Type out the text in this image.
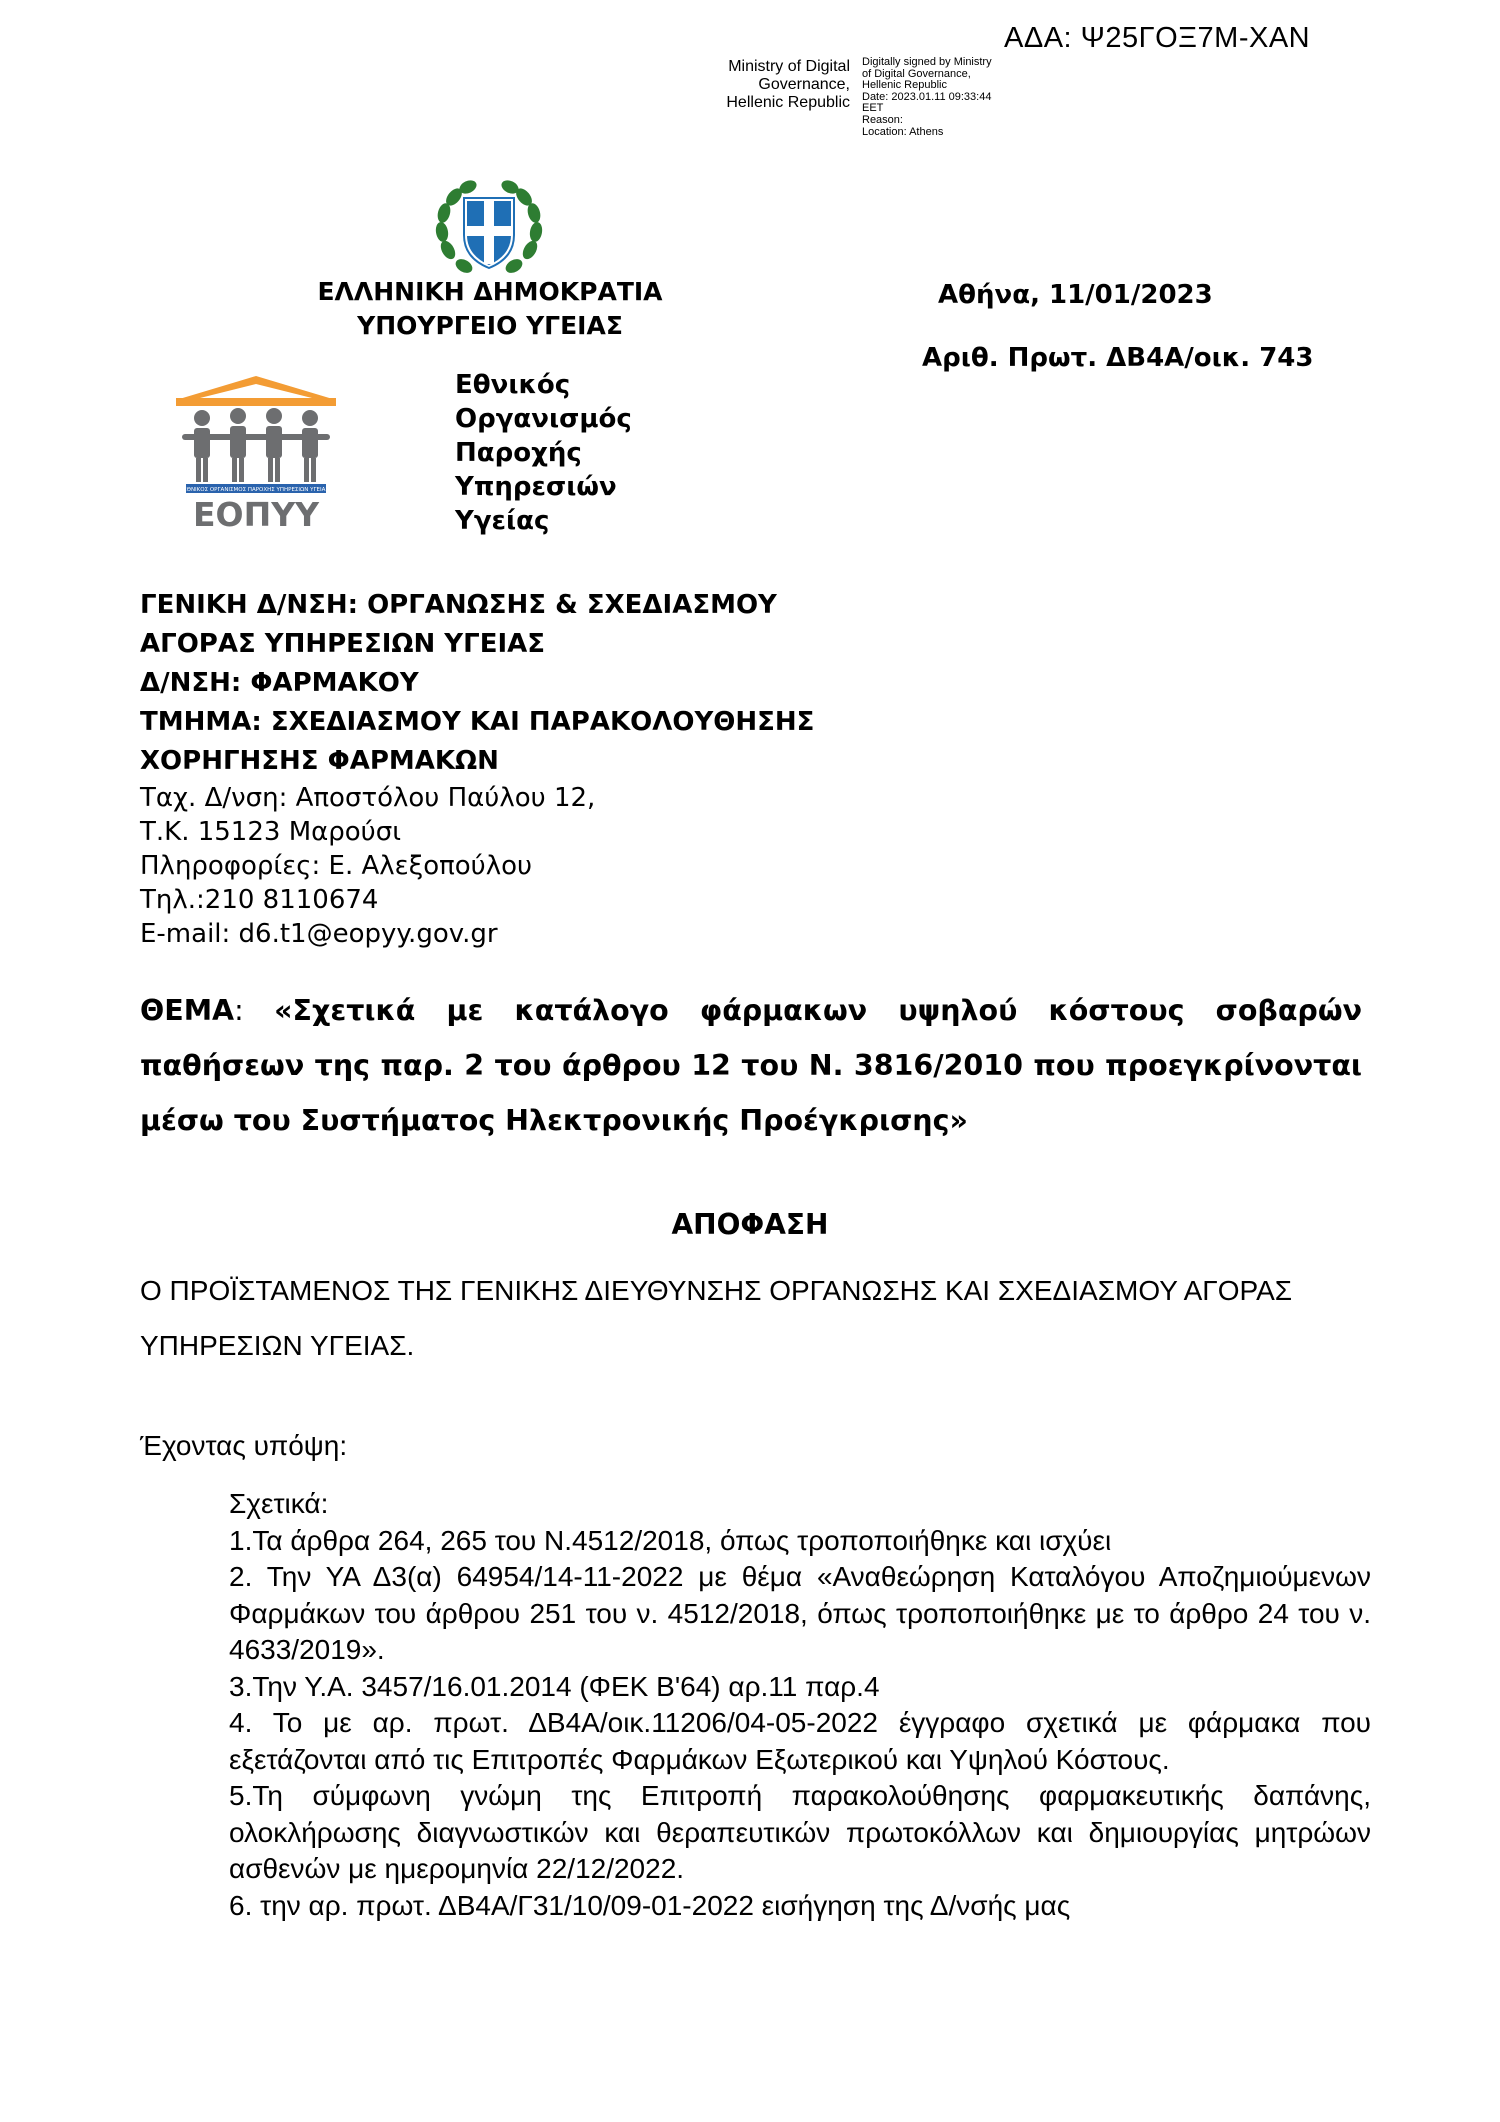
ΑΔΑ: Ψ25ΓΟΞ7Μ-ΧΑΝ
Ministry of Digital Governance, Hellenic Republic
Digitally signed by Ministry
of Digital Governance,
Hellenic Republic
Date: 2023.01.11 09:33:44
EET
Reason:
Location: Athens
ΕΛΛΗΝΙΚΗ ΔΗΜΟΚΡΑΤΙΑ
ΥΠΟΥΡΓΕΙΟ ΥΓΕΙΑΣ
Αθήνα, 11/01/2023
Αριθ. Πρωτ. ΔΒ4Α/οικ. 743
ΕΘΝΙΚΟΣ ΟΡΓΑΝΙΣΜΟΣ ΠΑΡΟΧΗΣ ΥΠΗΡΕΣΙΩΝ ΥΓΕΙΑΣ
ΕΟΠΥΥ
Εθνικός
Οργανισμός
Παροχής
Υπηρεσιών
Υγείας
ΓΕΝΙΚΗ Δ/ΝΣΗ: ΟΡΓΑΝΩΣΗΣ & ΣΧΕΔΙΑΣΜΟΥ
ΑΓΟΡΑΣ ΥΠΗΡΕΣΙΩΝ ΥΓΕΙΑΣ
Δ/ΝΣΗ: ΦΑΡΜΑΚΟΥ
ΤΜΗΜΑ: ΣΧΕΔΙΑΣΜΟΥ ΚΑΙ ΠΑΡΑΚΟΛΟΥΘΗΣΗΣ
ΧΟΡΗΓΗΣΗΣ ΦΑΡΜΑΚΩΝ
Ταχ. Δ/νση: Αποστόλου Παύλου 12,
Τ.Κ. 15123 Μαρούσι
Πληροφορίες: Ε. Αλεξοπούλου
Τηλ.:210 8110674
E-mail: d6.t1@eopyy.gov.gr
ΘΕΜΑ: «Σχετικά με κατάλογο φάρμακων υψηλού κόστους σοβαρών παθήσεων της παρ. 2 του άρθρου 12 του Ν. 3816/2010 που προεγκρίνονται μέσω του Συστήματος Ηλεκτρονικής Προέγκρισης»
ΑΠΟΦΑΣΗ
Ο ΠΡΟΪΣΤΑΜΕΝΟΣ ΤΗΣ ΓΕΝΙΚΗΣ ΔΙΕΥΘΥΝΣΗΣ ΟΡΓΑΝΩΣΗΣ ΚΑΙ ΣΧΕΔΙΑΣΜΟΥ ΑΓΟΡΑΣ ΥΠΗΡΕΣΙΩΝ ΥΓΕΙΑΣ.
Έχοντας υπόψη:

Σχετικά:

1.Τα άρθρα 264, 265 του Ν.4512/2018, όπως τροποποιήθηκε και ισχύει

2. Την ΥΑ Δ3(α) 64954/14-11-2022 με θέμα «Αναθεώρηση Καταλόγου Αποζημιούμενων Φαρμάκων του άρθρου 251 του ν. 4512/2018, όπως τροποποιήθηκε με το άρθρο 24 του ν. 4633/2019».

3.Την Υ.Α. 3457/16.01.2014 (ΦΕΚ Β'64) αρ.11 παρ.4

4. Το με αρ. πρωτ. ΔΒ4Α/οικ.11206/04-05-2022 έγγραφο σχετικά με φάρμακα που εξετάζονται από τις Επιτροπές Φαρμάκων Εξωτερικού και Υψηλού Κόστους.

5.Τη σύμφωνη γνώμη της Επιτροπή παρακολούθησης φαρμακευτικής δαπάνης, ολοκλήρωσης διαγνωστικών και θεραπευτικών πρωτοκόλλων και δημιουργίας μητρώων ασθενών με ημερομηνία 22/12/2022.

6. την αρ. πρωτ. ΔΒ4Α/Γ31/10/09-01-2022 εισήγηση της Δ/νσής μας
